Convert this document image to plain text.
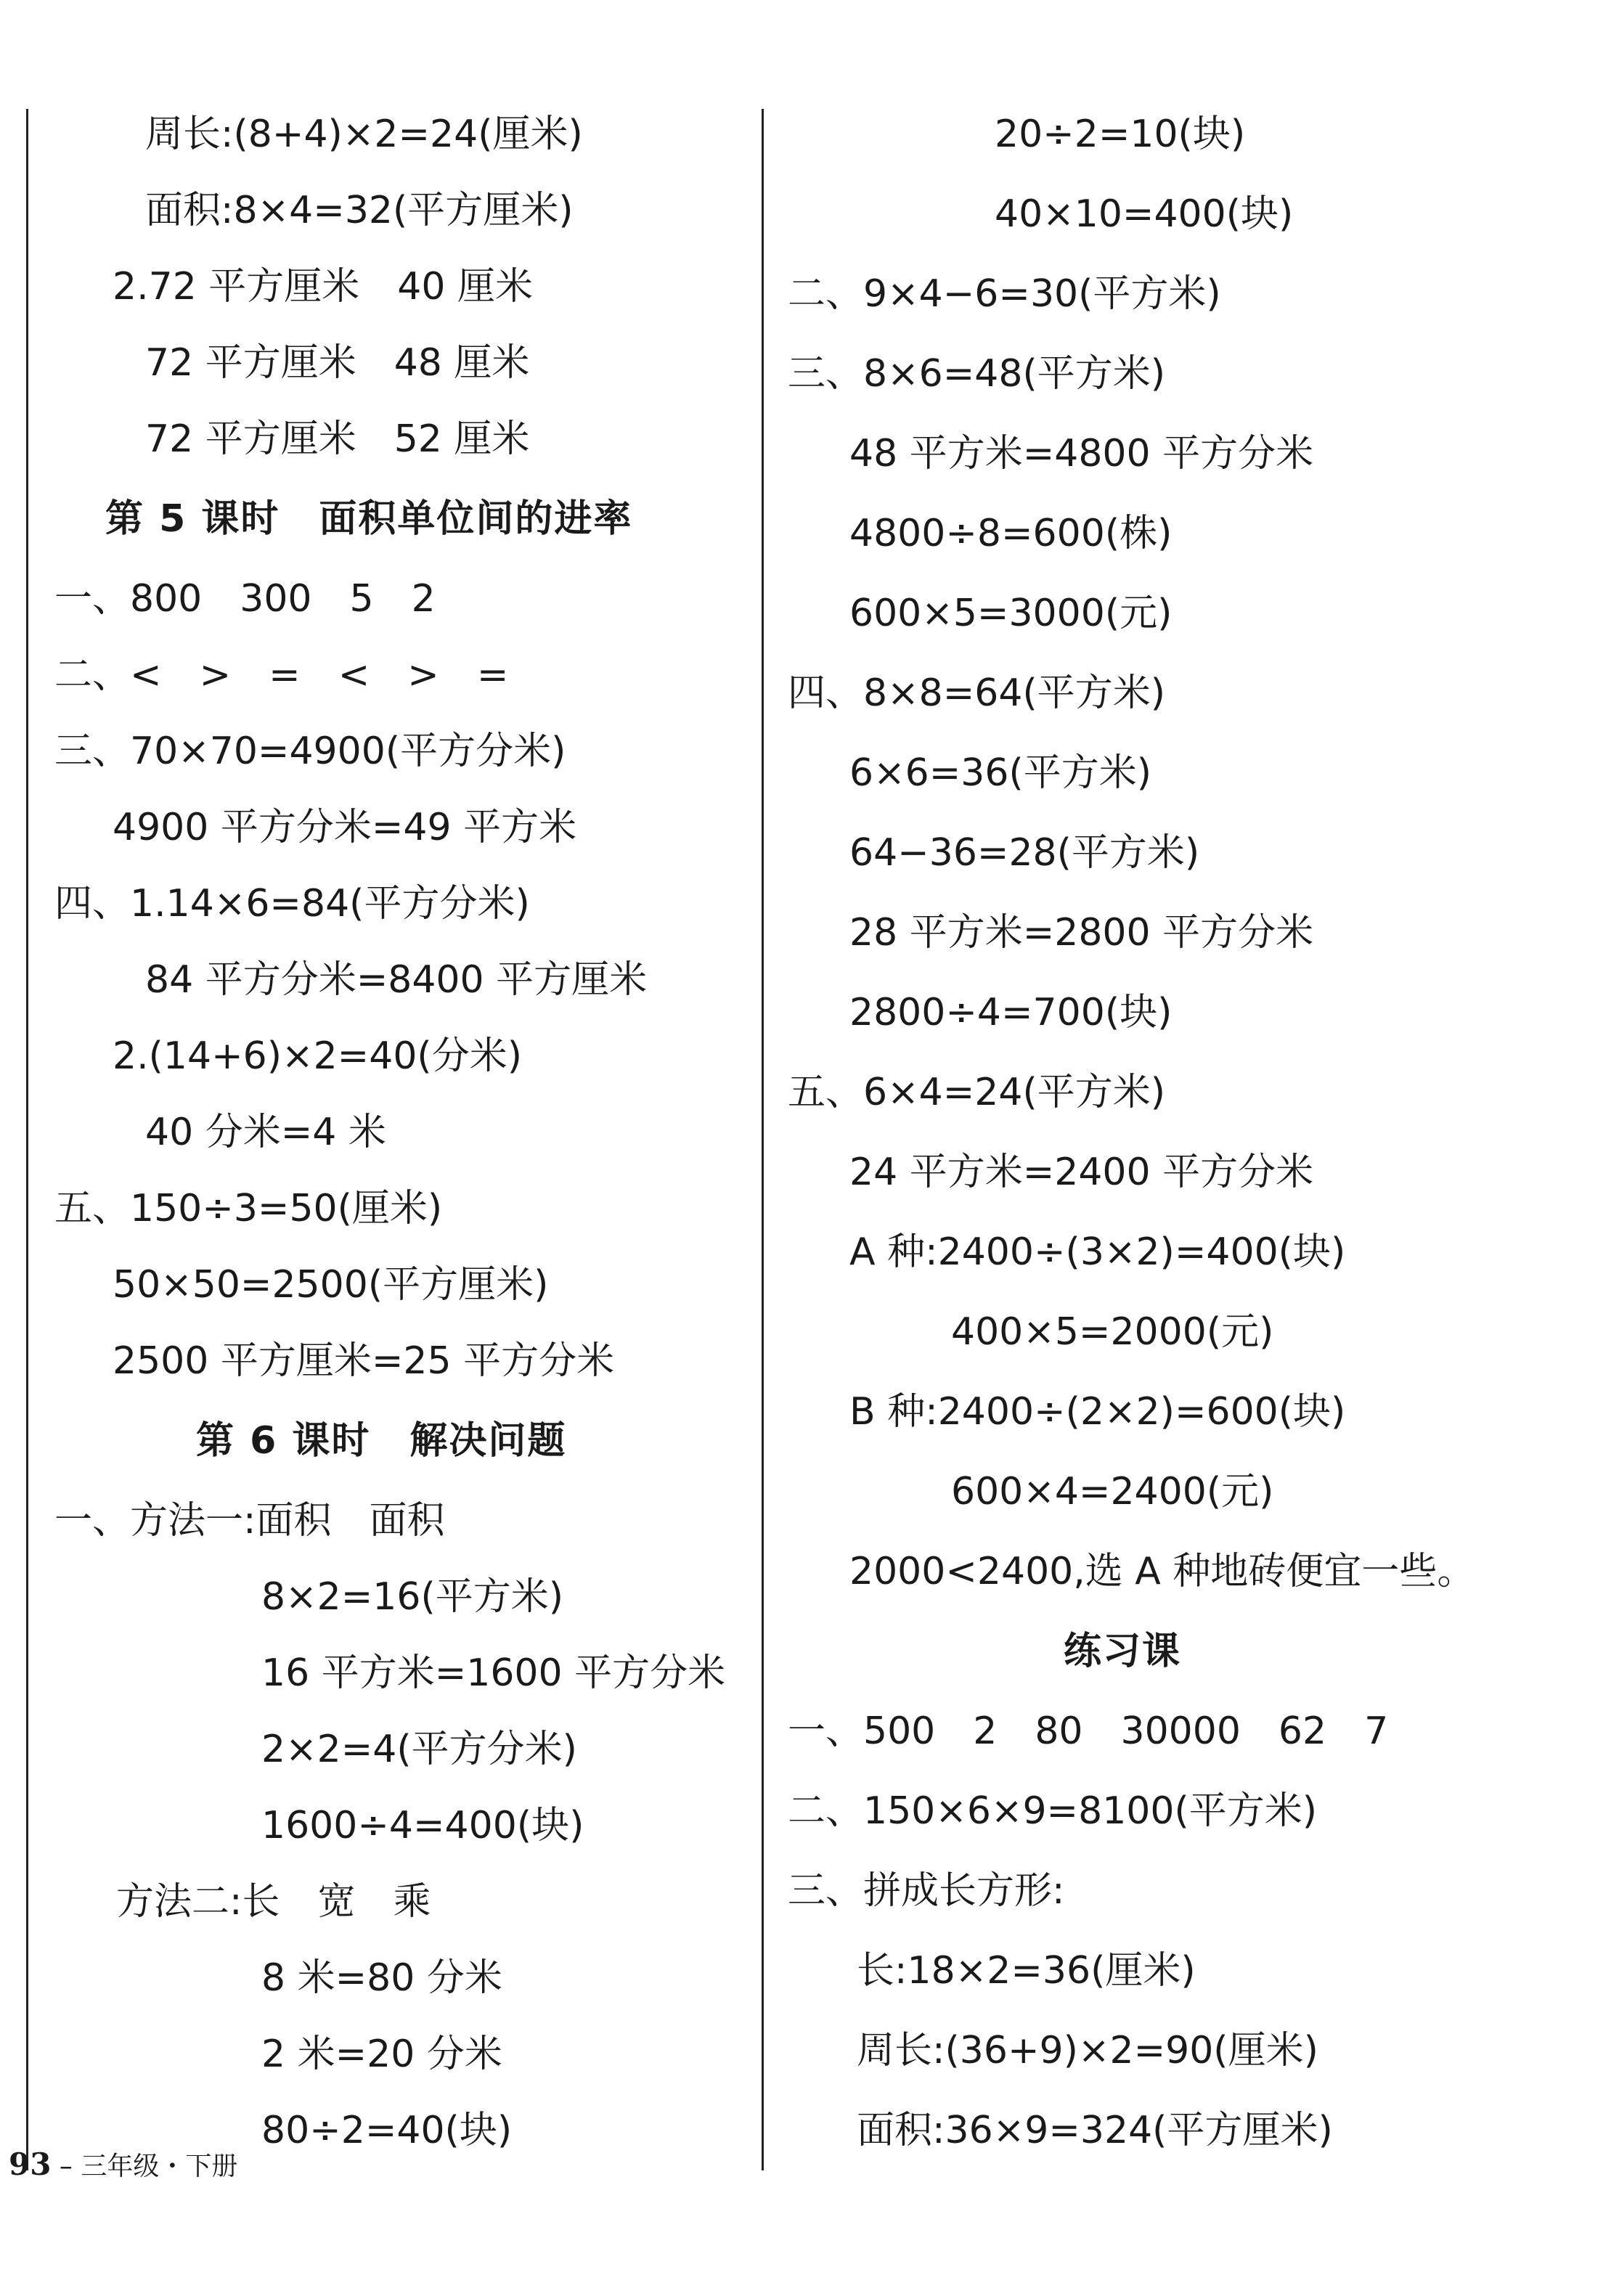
周长:(8+4)×2=24(厘米)
面积:8×4=32(平方厘米)
2.72 平方厘米　40 厘米
72 平方厘米　48 厘米
72 平方厘米　52 厘米
第 5 课时　面积单位间的进率
一、800　300　5　2
二、<　>　=　<　>　=
三、70×70=4900(平方分米)
4900 平方分米=49 平方米
四、1.14×6=84(平方分米)
84 平方分米=8400 平方厘米
2.(14+6)×2=40(分米)
40 分米=4 米
五、150÷3=50(厘米)
50×50=2500(平方厘米)
2500 平方厘米=25 平方分米
第 6 课时　解决问题
一、方法一:面积　面积
8×2=16(平方米)
16 平方米=1600 平方分米
2×2=4(平方分米)
1600÷4=400(块)
方法二:长　宽　乘
8 米=80 分米
2 米=20 分米
80÷2=40(块)
20÷2=10(块)
40×10=400(块)
二、9×4−6=30(平方米)
三、8×6=48(平方米)
48 平方米=4800 平方分米
4800÷8=600(株)
600×5=3000(元)
四、8×8=64(平方米)
6×6=36(平方米)
64−36=28(平方米)
28 平方米=2800 平方分米
2800÷4=700(块)
五、6×4=24(平方米)
24 平方米=2400 平方分米
A 种:2400÷(3×2)=400(块)
400×5=2000(元)
B 种:2400÷(2×2)=600(块)
600×4=2400(元)
2000<2400,选 A 种地砖便宜一些。
练习课
一、500　2　80　30000　62　7
二、150×6×9=8100(平方米)
三、拼成长方形:
长:18×2=36(厘米)
周长:(36+9)×2=90(厘米)
面积:36×9=324(平方厘米)
93 – 三年级・下册
